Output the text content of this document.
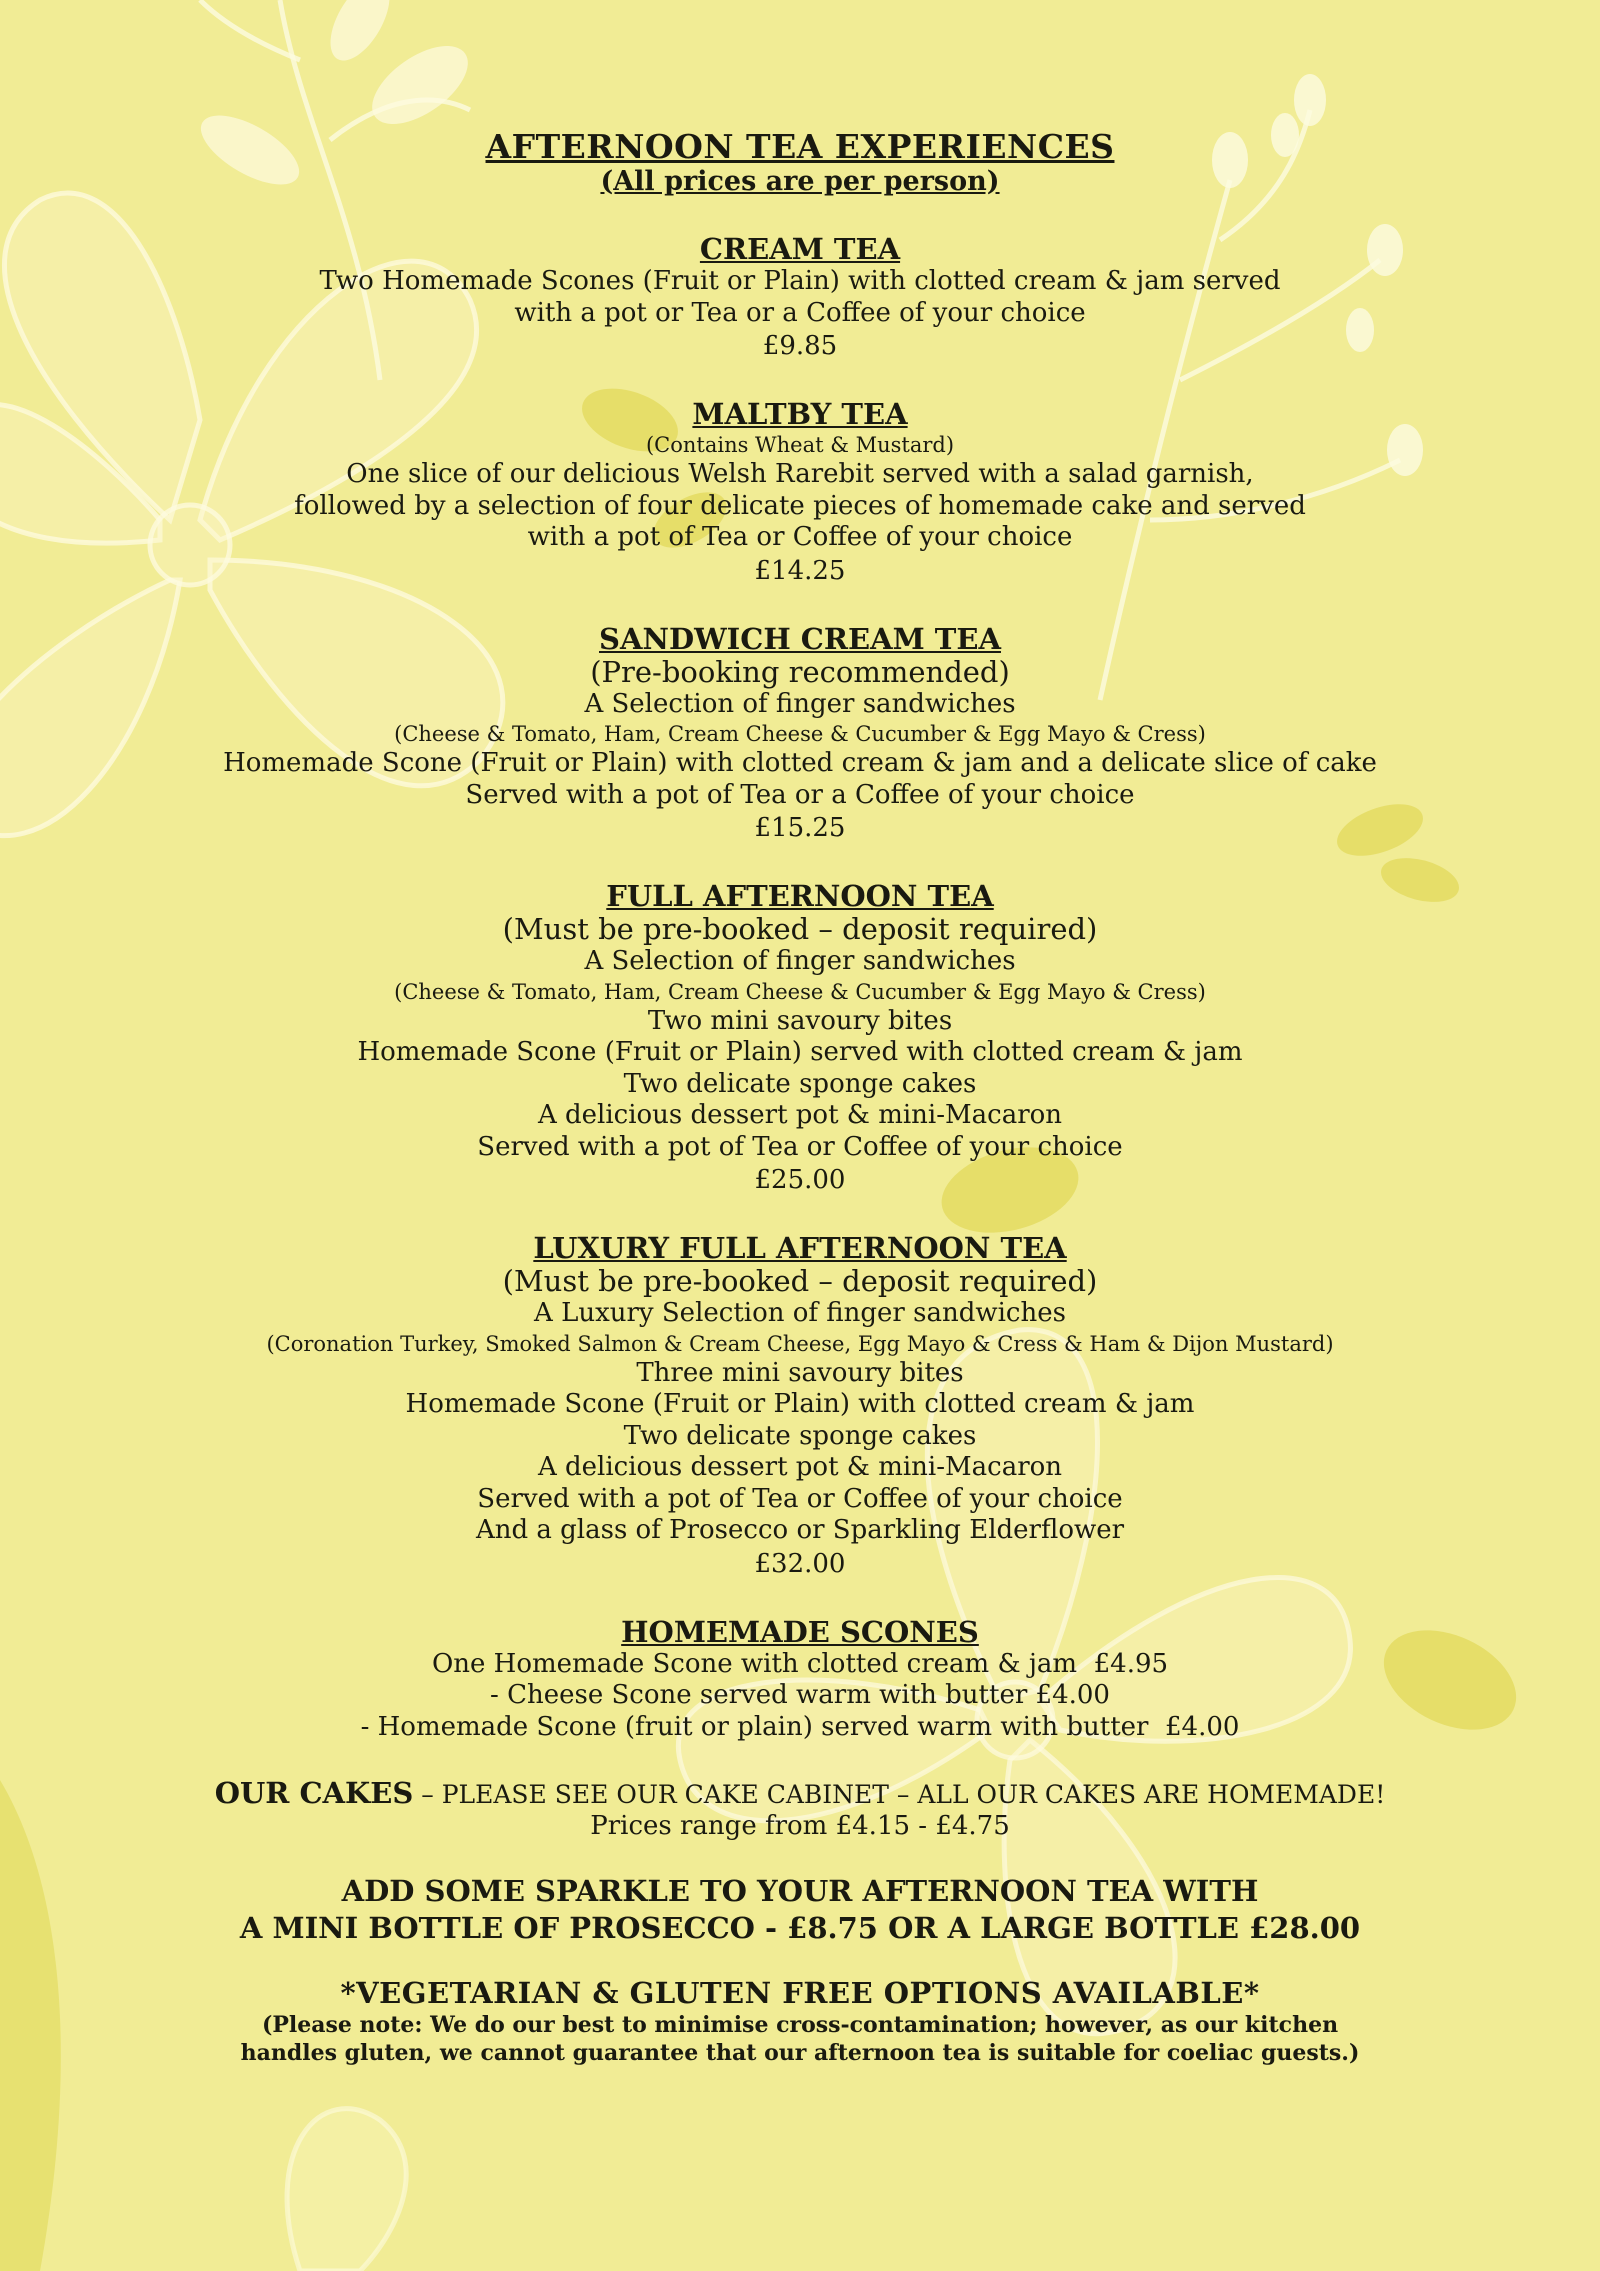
AFTERNOON TEA EXPERIENCES
(All prices are per person)
CREAM TEA
Two Homemade Scones (Fruit or Plain) with clotted cream & jam served
with a pot or Tea or a Coffee of your choice
£9.85
MALTBY TEA
(Contains Wheat & Mustard)
One slice of our delicious Welsh Rarebit served with a salad garnish,
followed by a selection of four delicate pieces of homemade cake and served
with a pot of Tea or Coffee of your choice
£14.25
SANDWICH CREAM TEA
(Pre-booking recommended)
A Selection of finger sandwiches
(Cheese & Tomato, Ham, Cream Cheese & Cucumber & Egg Mayo & Cress)
Homemade Scone (Fruit or Plain) with clotted cream & jam and a delicate slice of cake
Served with a pot of Tea or a Coffee of your choice
£15.25
FULL AFTERNOON TEA
(Must be pre-booked – deposit required)
A Selection of finger sandwiches
(Cheese & Tomato, Ham, Cream Cheese & Cucumber & Egg Mayo & Cress)
Two mini savoury bites
Homemade Scone (Fruit or Plain) served with clotted cream & jam
Two delicate sponge cakes
A delicious dessert pot & mini-Macaron
Served with a pot of Tea or Coffee of your choice
£25.00
LUXURY FULL AFTERNOON TEA
(Must be pre-booked – deposit required)
A Luxury Selection of finger sandwiches
(Coronation Turkey, Smoked Salmon & Cream Cheese, Egg Mayo & Cress & Ham & Dijon Mustard)
Three mini savoury bites
Homemade Scone (Fruit or Plain) with clotted cream & jam
Two delicate sponge cakes
A delicious dessert pot & mini-Macaron
Served with a pot of Tea or Coffee of your choice
And a glass of Prosecco or Sparkling Elderflower
£32.00
HOMEMADE SCONES
One Homemade Scone with clotted cream & jam  £4.95
- Cheese Scone served warm with butter £4.00
- Homemade Scone (fruit or plain) served warm with butter  £4.00
OUR CAKES – PLEASE SEE OUR CAKE CABINET – ALL OUR CAKES ARE HOMEMADE!
Prices range from £4.15 - £4.75
ADD SOME SPARKLE TO YOUR AFTERNOON TEA WITH
A MINI BOTTLE OF PROSECCO - £8.75 OR A LARGE BOTTLE £28.00
*VEGETARIAN & GLUTEN FREE OPTIONS AVAILABLE*
(Please note: We do our best to minimise cross-contamination; however, as our kitchen
handles gluten, we cannot guarantee that our afternoon tea is suitable for coeliac guests.)
